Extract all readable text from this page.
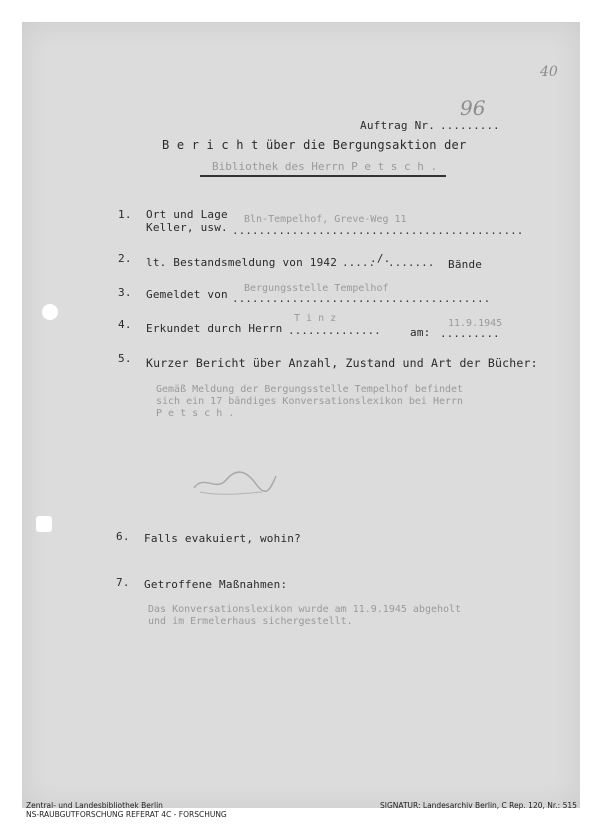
40
Auftrag Nr. .........
96
B e r i c h t über die Bergungsaktion der
Bibliothek des Herrn P e t s c h .
1. Ort und Lage
Keller, usw.
Bln-Tempelhof, Greve-Weg 11
............................................
2. lt. Bestandsmeldung von 1942 .....
./.
....... Bände
3. Gemeldet von Bergungsstelle Tempelhof
.......................................
4. Erkundet durch Herrn
T i n z
..............	am:
11.9.1945
.........
5. Kurzer Bericht über Anzahl, Zustand und Art der Bücher:
Gemäß Meldung der Bergungsstelle Tempelhof befindet
sich ein 17 bändiges Konversationslexikon bei Herrn
P e t s c h .
6. Falls evakuiert, wohin?
7. Getroffene Maßnahmen:
Das Konversationslexikon wurde am 11.9.1945 abgeholt
und im Ermelerhaus sichergestellt.
Zentral- und Landesbibliothek Berlin
NS-RAUBGUTFORSCHUNG REFERAT 4C - FORSCHUNG
SIGNATUR: Landesarchiv Berlin, C Rep. 120, Nr.: 515
